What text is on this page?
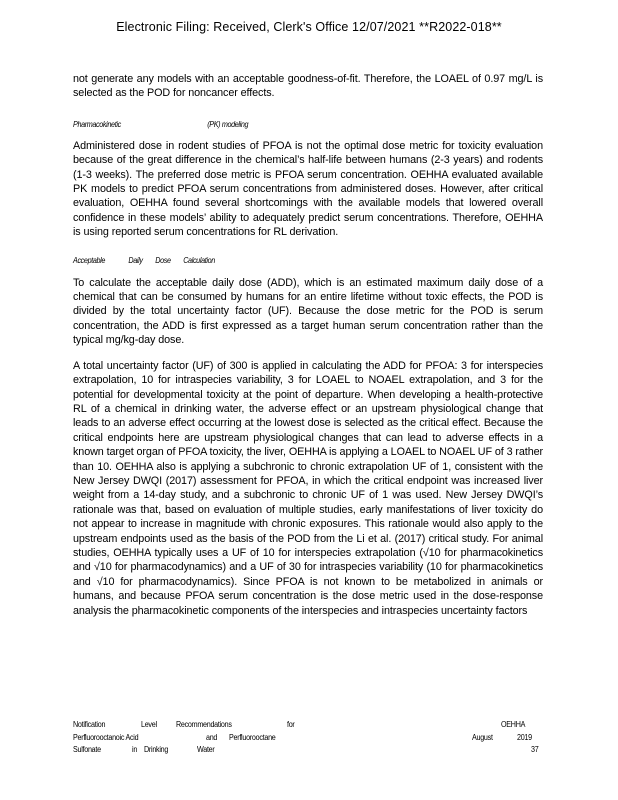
Electronic Filing: Received, Clerk's Office 12/07/2021 **R2022-018**

not generate any models with an acceptable goodness-of-fit. Therefore, the LOAEL of 0.97 mg/L is selected as the POD for noncancer effects.

Pharmacokinetic	(PK) modeling

Administered dose in rodent studies of PFOA is not the optimal dose metric for toxicity evaluation because of the great difference in the chemical’s half-life between humans (2-3 years) and rodents (1-3 weeks). The preferred dose metric is PFOA serum concentration. OEHHA evaluated available PK models to predict PFOA serum concentrations from administered doses. However, after critical evaluation, OEHHA found several shortcomings with the available models that lowered overall confidence in these models’ ability to adequately predict serum concentrations. Therefore, OEHHA is using reported serum concentrations for RL derivation.

Acceptable	Daily Dose Calculation

To calculate the acceptable daily dose (ADD), which is an estimated maximum daily dose of a chemical that can be consumed by humans for an entire lifetime without toxic effects, the POD is divided by the total uncertainty factor (UF). Because the dose metric for the POD is serum concentration, the ADD is first expressed as a target human serum concentration rather than the typical mg/kg-day dose.

A total uncertainty factor (UF) of 300 is applied in calculating the ADD for PFOA: 3 for interspecies extrapolation, 10 for intraspecies variability, 3 for LOAEL to NOAEL extrapolation, and 3 for the potential for developmental toxicity at the point of departure. When developing a health-protective RL of a chemical in drinking water, the adverse effect or an upstream physiological change that leads to an adverse effect occurring at the lowest dose is selected as the critical effect. Because the critical endpoints here are upstream physiological changes that can lead to adverse effects in a known target organ of PFOA toxicity, the liver, OEHHA is applying a LOAEL to NOAEL UF of 3 rather than 10. OEHHA also is applying a subchronic to chronic extrapolation UF of 1, consistent with the New Jersey DWQI (2017) assessment for PFOA, in which the critical endpoint was increased liver weight from a 14-day study, and a subchronic to chronic UF of 1 was used. New Jersey DWQI’s rationale was that, based on evaluation of multiple studies, early manifestations of liver toxicity do not appear to increase in magnitude with chronic exposures. This rationale would also apply to the upstream endpoints used as the basis of the POD from the Li et al. (2017) critical study. For animal studies, OEHHA typically uses a UF of 10 for interspecies extrapolation (√10 for pharmacokinetics and √10 for pharmacodynamics) and a UF of 30 for intraspecies variability (10 for pharmacokinetics and √10 for pharmacodynamics). Since PFOA is not known to be metabolized in animals or humans, and because PFOA serum concentration is the dose metric used in the dose-response analysis the pharmacokinetic components of the interspecies and intraspecies uncertainty factors

Notification	Level Recommendations	for	OEHHA
Perfluorooctanoic Acid	and Perfluorooctane	August	2019
Sulfonate	in Drinking	Water	37
